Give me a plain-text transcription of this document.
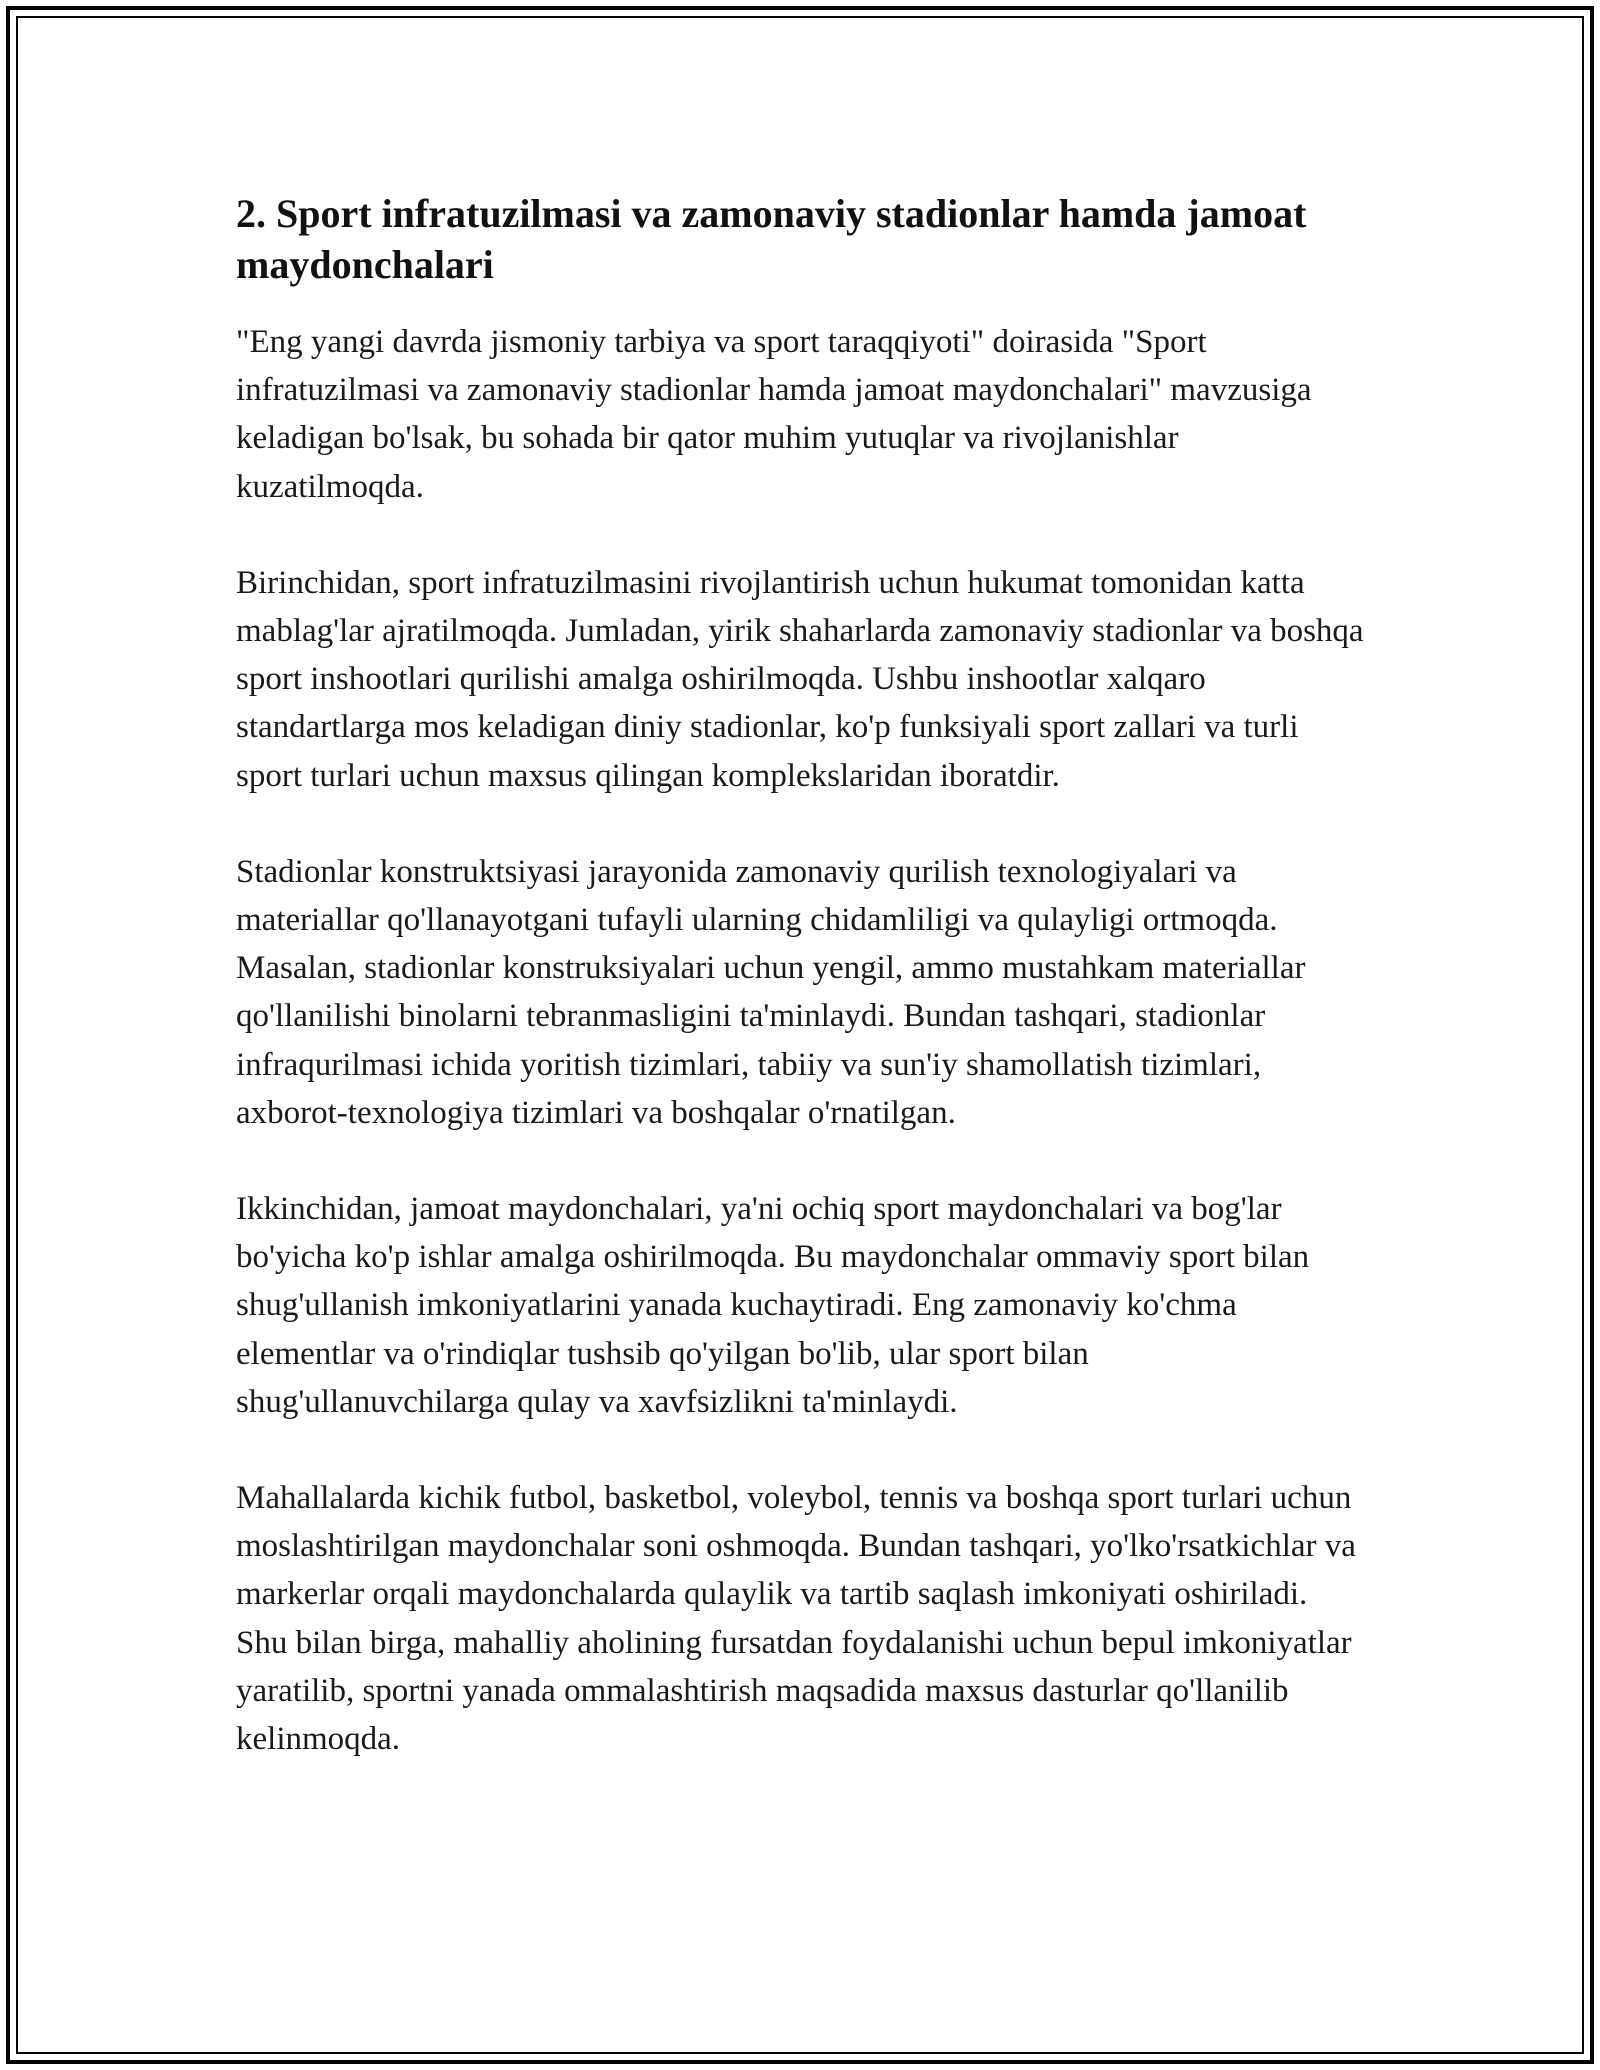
2. Sport infratuzilmasi va zamonaviy stadionlar hamda jamoat maydonchalari

"Eng yangi davrda jismoniy tarbiya va sport taraqqiyoti" doirasida "Sport infratuzilmasi va zamonaviy stadionlar hamda jamoat maydonchalari" mavzusiga keladigan bo'lsak, bu sohada bir qator muhim yutuqlar va rivojlanishlar kuzatilmoqda.

Birinchidan, sport infratuzilmasini rivojlantirish uchun hukumat tomonidan katta mablag'lar ajratilmoqda. Jumladan, yirik shaharlarda zamonaviy stadionlar va boshqa sport inshootlari qurilishi amalga oshirilmoqda. Ushbu inshootlar xalqaro standartlarga mos keladigan diniy stadionlar, ko'p funksiyali sport zallari va turli sport turlari uchun maxsus qilingan komplekslaridan iboratdir.

Stadionlar konstruktsiyasi jarayonida zamonaviy qurilish texnologiyalari va materiallar qo'llanayotgani tufayli ularning chidamliligi va qulayligi ortmoqda. Masalan, stadionlar konstruksiyalari uchun yengil, ammo mustahkam materiallar qo'llanilishi binolarni tebranmasligini ta'minlaydi. Bundan tashqari, stadionlar infraqurilmasi ichida yoritish tizimlari, tabiiy va sun'iy shamollatish tizimlari, axborot-texnologiya tizimlari va boshqalar o'rnatilgan.

Ikkinchidan, jamoat maydonchalari, ya'ni ochiq sport maydonchalari va bog'lar bo'yicha ko'p ishlar amalga oshirilmoqda. Bu maydonchalar ommaviy sport bilan shug'ullanish imkoniyatlarini yanada kuchaytiradi. Eng zamonaviy ko'chma elementlar va o'rindiqlar tushsib qo'yilgan bo'lib, ular sport bilan shug'ullanuvchilarga qulay va xavfsizlikni ta'minlaydi.

Mahallalarda kichik futbol, basketbol, voleybol, tennis va boshqa sport turlari uchun moslashtirilgan maydonchalar soni oshmoqda. Bundan tashqari, yo'lko'rsatkichlar va markerlar orqali maydonchalarda qulaylik va tartib saqlash imkoniyati oshiriladi. Shu bilan birga, mahalliy aholining fursatdan foydalanishi uchun bepul imkoniyatlar yaratilib, sportni yanada ommalashtirish maqsadida maxsus dasturlar qo'llanilib kelinmoqda.
